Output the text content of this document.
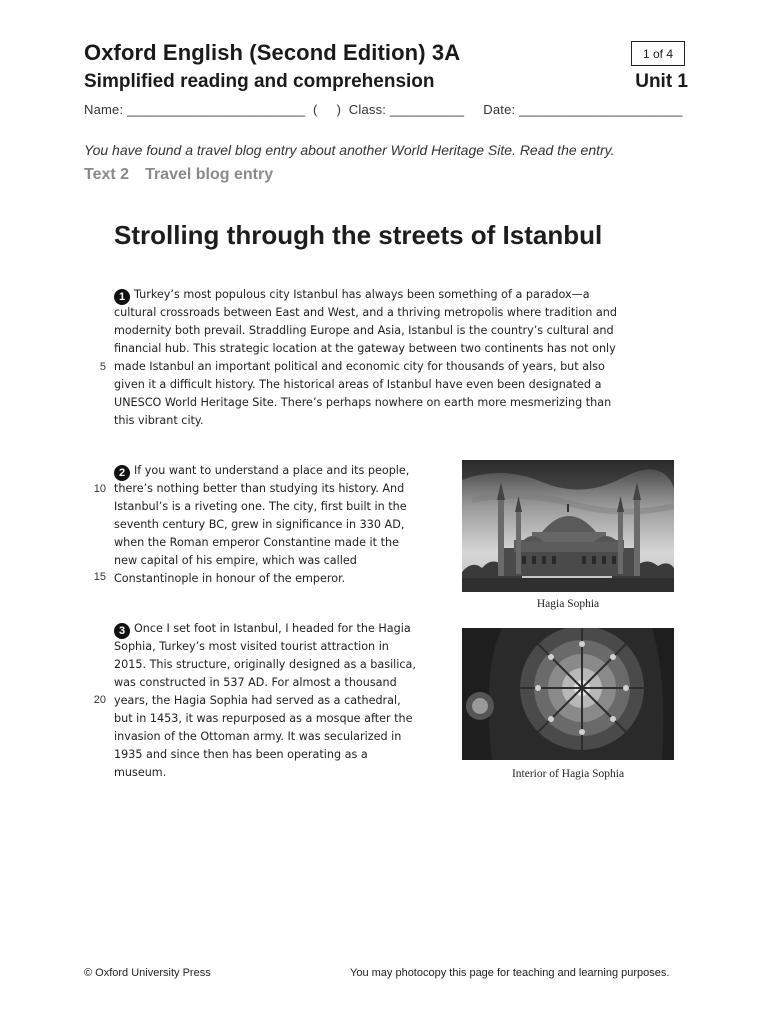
Oxford English (Second Edition) 3A	1 of 4
Simplified reading and comprehension	Unit 1
Name: ________________________  (     )  Class: __________     Date: ______________________
You have found a travel blog entry about another World Heritage Site. Read the entry.
Text 2 Travel blog entry
Strolling through the streets of Istanbul
1 Turkey’s most populous city Istanbul has always been something of a paradox—a
cultural crossroads between East and West, and a thriving metropolis where tradition and
modernity both prevail. Straddling Europe and Asia, Istanbul is the country’s cultural and
financial hub. This strategic location at the gateway between two continents has not only
made Istanbul an important political and economic city for thousands of years, but also
given it a difficult history. The historical areas of Istanbul have even been designated a
UNESCO World Heritage Site. There’s perhaps nowhere on earth more mesmerizing than
this vibrant city.
2 If you want to understand a place and its people,
there’s nothing better than studying its history. And
Istanbul’s is a riveting one. The city, first built in the
seventh century BC, grew in significance in 330 AD,
when the Roman emperor Constantine made it the
new capital of his empire, which was called
Constantinople in honour of the emperor.
3 Once I set foot in Istanbul, I headed for the Hagia
Sophia, Turkey’s most visited tourist attraction in
2015. This structure, originally designed as a basilica,
was constructed in 537 AD. For almost a thousand
years, the Hagia Sophia had served as a cathedral,
but in 1453, it was repurposed as a mosque after the
invasion of the Ottoman army. It was secularized in
1935 and since then has been operating as a
museum.
5
10
15
20
Hagia Sophia
Interior of Hagia Sophia
© Oxford University Press	You may photocopy this page for teaching and learning purposes.
